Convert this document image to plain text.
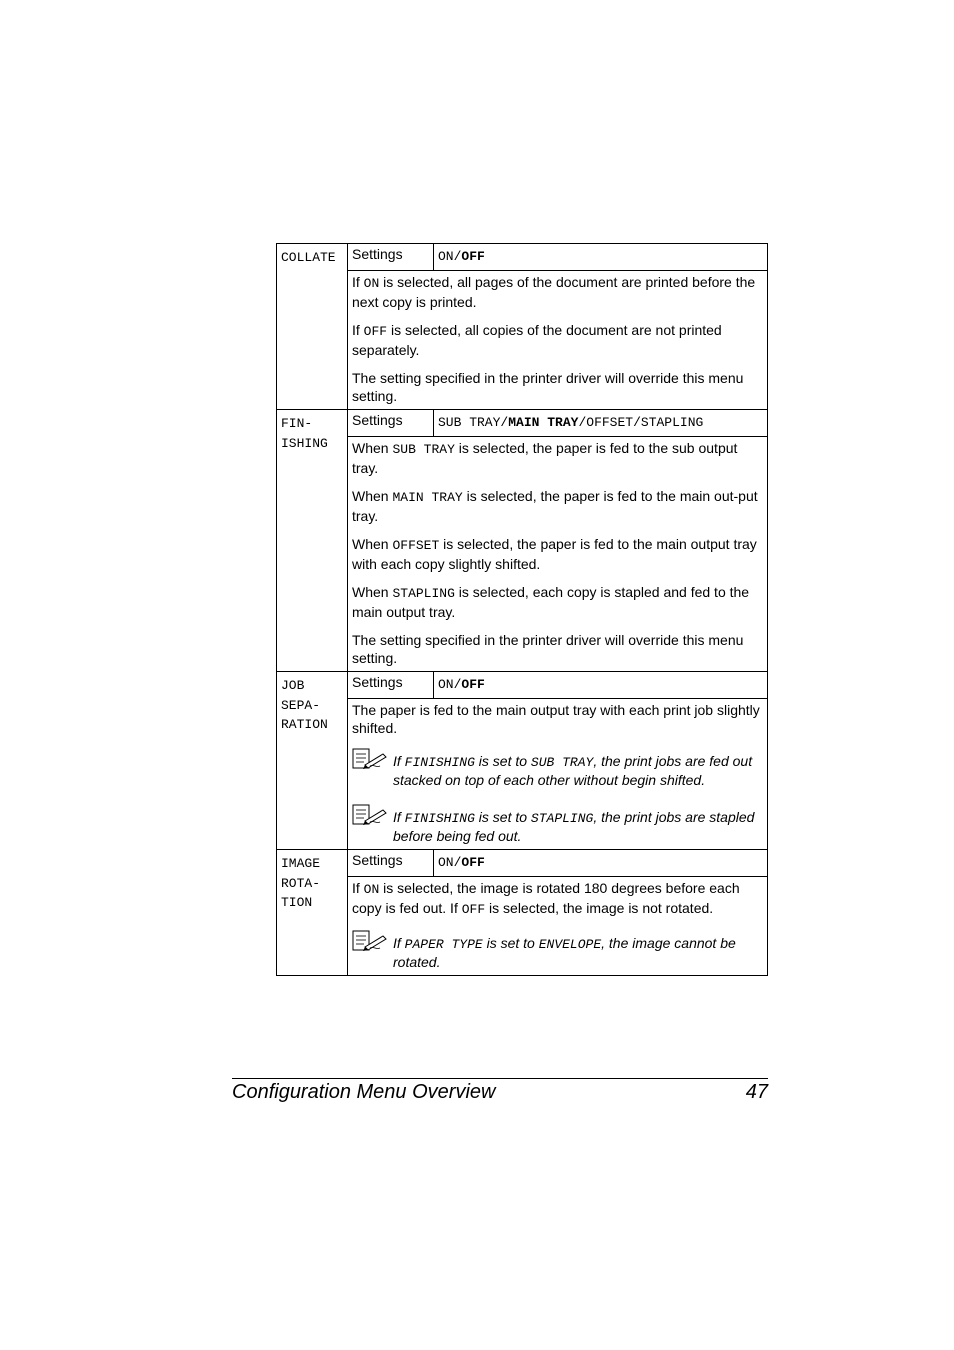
COLLATE	Settings	ON/OFF

	If ON is selected, all pages of the document are printed before the next copy is printed.

If OFF is selected, all copies of the document are not printed separately.

The setting specified in the printer driver will override this menu setting.	

FIN-
ISHING	Settings	SUB TRAY/MAIN TRAY/OFFSET/STAPLING

	When SUB TRAY is selected, the paper is fed to the sub output tray.

When MAIN TRAY is selected, the paper is fed to the main out-put tray.

When OFFSET is selected, the paper is fed to the main output tray with each copy slightly shifted.

When STAPLING is selected, each copy is stapled and fed to the main output tray.

The setting specified in the printer driver will override this menu setting.	

JOB
SEPA-
RATION	Settings	ON/OFF

	The paper is fed to the main output tray with each print job slightly shifted.

If FINISHING is set to SUB TRAY, the print jobs are fed out stacked on top of each other without begin shifted.
If FINISHING is set to STAPLING, the print jobs are stapled before being fed out.	

IMAGE
ROTA-
TION	Settings	ON/OFF

	If ON is selected, the image is rotated 180 degrees before each copy is fed out. If OFF is selected, the image is not rotated.

If PAPER TYPE is set to ENVELOPE, the image cannot be rotated.	
Configuration Menu Overview	47
